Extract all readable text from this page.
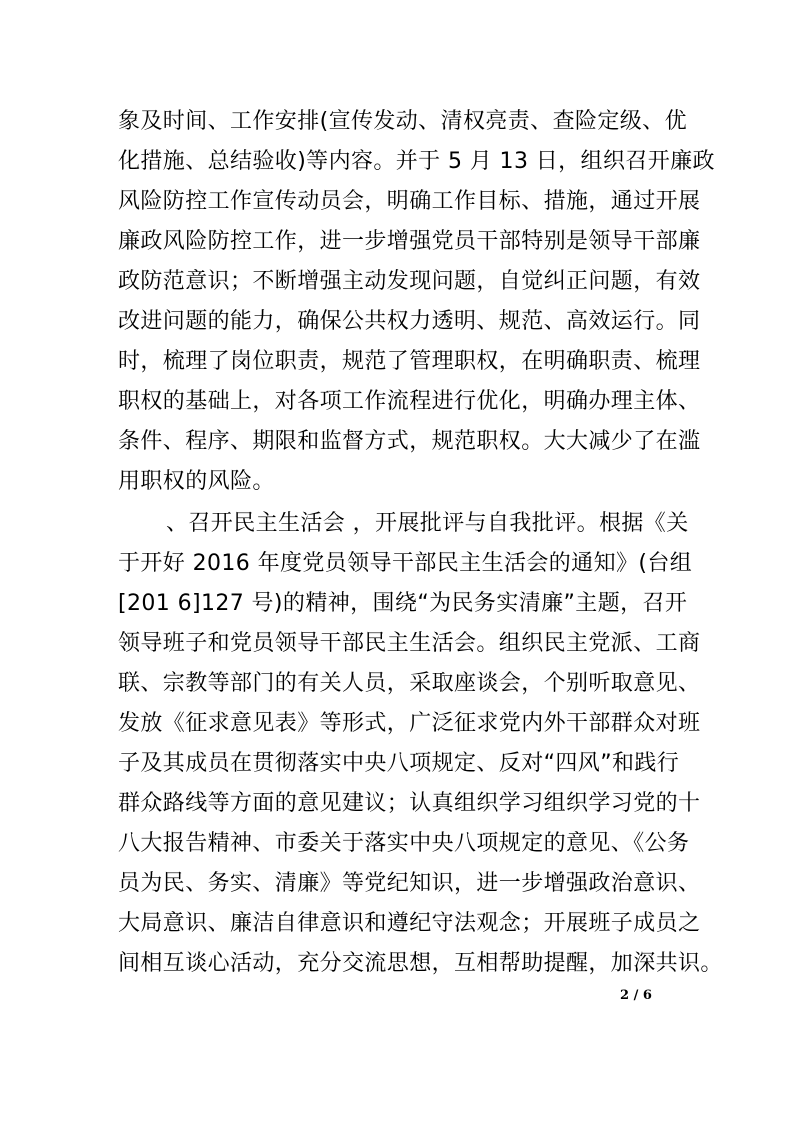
象及时间、工作安排(宣传发动、清权亮责、查险定级、优
化措施、总结验收)等内容。并于 5 月 13 日，组织召开廉政
风险防控工作宣传动员会，明确工作目标、措施，通过开展
廉政风险防控工作，进一步增强党员干部特别是领导干部廉
政防范意识；不断增强主动发现问题，自觉纠正问题，有效
改进问题的能力，确保公共权力透明、规范、高效运行。同
时，梳理了岗位职责，规范了管理职权，在明确职责、梳理
职权的基础上，对各项工作流程进行优化，明确办理主体、
条件、程序、期限和监督方式，规范职权。大大减少了在滥
用职权的风险。
、召开民主生活会 ，开展批评与自我批评。根据《关
于开好 2016 年度党员领导干部民主生活会的通知》(台组
[201 6]127 号)的精神，围绕“为民务实清廉”主题，召开
领导班子和党员领导干部民主生活会。组织民主党派、工商
联、宗教等部门的有关人员，采取座谈会，个别听取意见、
发放《征求意见表》等形式，广泛征求党内外干部群众对班
子及其成员在贯彻落实中央八项规定、反对“四风”和践行
群众路线等方面的意见建议；认真组织学习组织学习党的十
八大报告精神、市委关于落实中央八项规定的意见、《公务
员为民、务实、清廉》等党纪知识，进一步增强政治意识、
大局意识、廉洁自律意识和遵纪守法观念；开展班子成员之
间相互谈心活动，充分交流思想，互相帮助提醒，加深共识。
2 / 6
